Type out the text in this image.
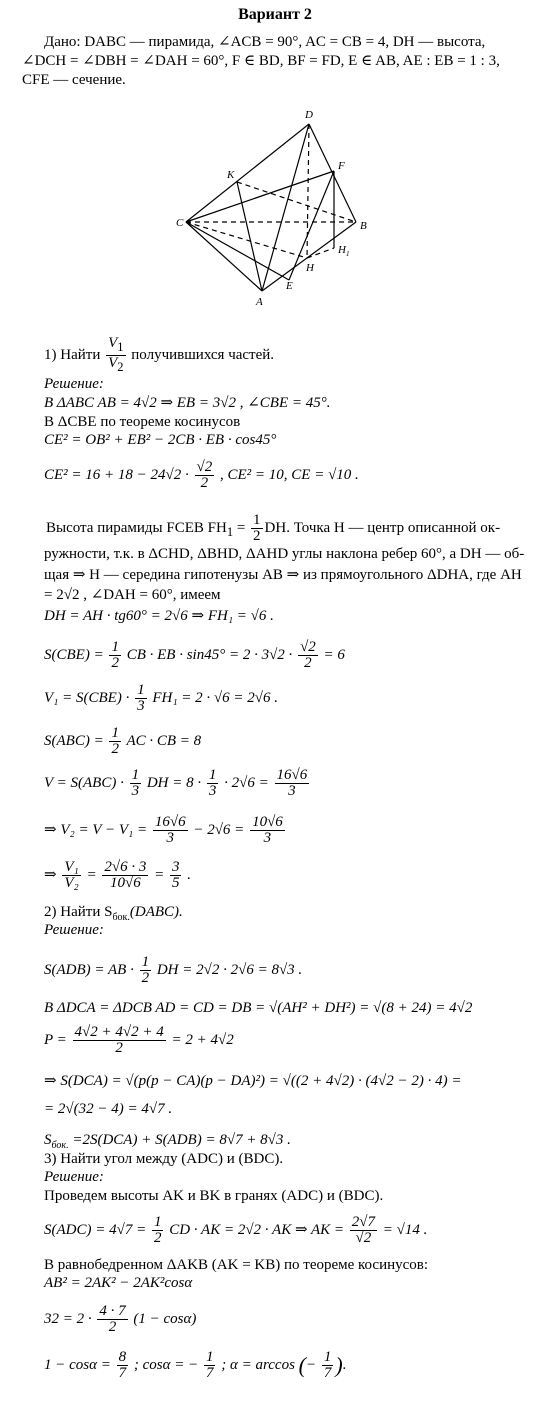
Вариант 2
Дано: DABC — пирамида, ∠ACB = 90°, AC = CB = 4, DH — высота, ∠DCH = ∠DBH = ∠DAH = 60°, F ∈ BD, BF = FD, E ∈ AB, AE : EB = 1 : 3, CFE — сечение.
D
K
F
C	B
H 1
H
E
A
1) Найти $\frac{V_1}{V_2}$ получившихся частей.
Решение:
В ΔABC AB = 4√2 ⇒ EB = 3√2 , ∠CBE = 45°.
В ΔCBE по теореме косинусов
CE² = OB² + EB² − 2CB · EB · cos45°
$CE^2 = 16 + 18 - 24√2 \cdot \frac{√2}{2}$ , CE² = 10, CE = √10 .
Высота пирамиды FCEB $FH_1 = \frac{1}{2}$ DH. Точка H — центр описанной ок-
ружности, т.к. в ΔCHD, ΔBHD, ΔAHD углы наклона ребер 60°, а DH — об-
щая ⇒ H — середина гипотенузы AB ⇒ из прямоугольного ΔDHA, где AH
= 2√2 , ∠DAH = 60°, имеем
DH = AH · tg60° = 2√6 ⇒ FH₁ = √6 .
$S(CBE) = \frac{1}{2}$ CB · EB · $\sin 45^\circ = 2 \cdot 3√2 \cdot \frac{√2}{2} = 6$
$V_1 = S(CBE) \cdot \frac{1}{3} FH_1 = 2 \cdot √6 = 2√6$ .
$S(ABC) = \frac{1}{2}$ AC · CB = 8
$V = S(ABC) \cdot \frac{1}{3}$ DH = $8 \cdot \frac{1}{3} \cdot 2√6 = \frac{16√6}{3}$
⇒ $V_2 = V - V_1 = \frac{16√6}{3} - 2√6 = \frac{10√6}{3}$
⇒ $\frac{\text{V₁}}{\text{V₂}} = \frac{2√6 \cdot 3}{10√6} = \frac{3}{5}$ .
2) Найти $S_{бок.}(DABC)$.
Решение:
S(ADB) = AB · $\frac{1}{2}$ DH = 2√2 · 2√6 = 8√3 .
В ΔDCA = ΔDCB AD = CD = DB = √(AH² + DH²) = √(8 + 24) = 4√2
$P = \frac{4√2 + 4√2 + 4}{2} = 2 + 4√2$
⇒ S(DCA) = √(p(p − CA)(p − DA)²) = √((2 + 4√2) · (4√2 − 2) · 4) =
= 2√(32 − 4) = 4√7 .
$S_{бок.} =2S(DCA) + S(ADB) = 8√7 + 8√3$ .
3) Найти угол между (ADC) и (BDC).
Решение:
Проведем высоты AK и BK в гранях (ADC) и (BDC).
$S(ADC) = 4√7 = \frac{1}{2}$ CD · AK = 2√2 · AK ⇒ AK = $\frac{2√7}{√2} = √14$ .
В равнобедренном ΔAKB (AK = KB) по теореме косинусов:
AB² = 2AK² − 2AK²cosα
$32 = 2 \cdot \frac{4 \cdot 7}{2} (1 - \cos\alpha)$
$1 - \cos\alpha = \frac{8}{7}$ ; cosα = − $\frac{1}{7}$ ; α = arccos (− $\frac{1}{7}$ ).
